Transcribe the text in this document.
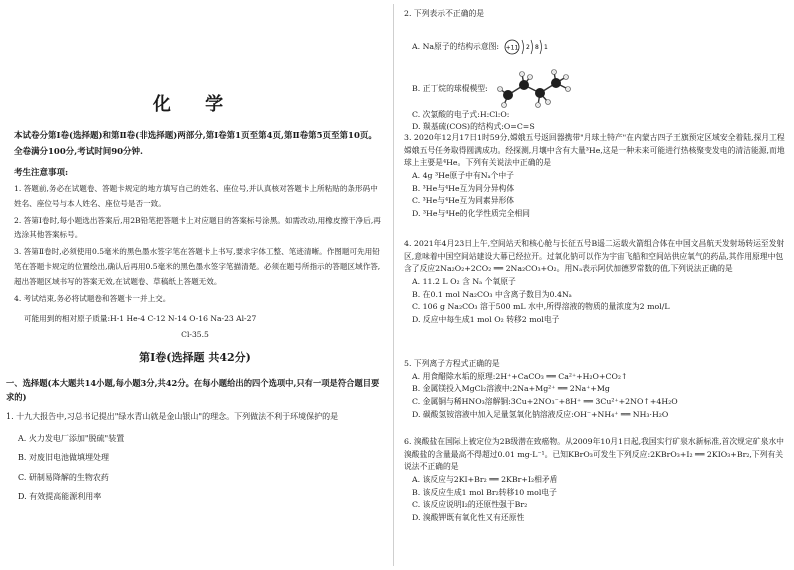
化 学
本试卷分第Ⅰ卷(选择题)和第Ⅱ卷(非选择题)两部分,第Ⅰ卷第1页至第4页,第Ⅱ卷第5页至第10页。全卷满分100分,考试时间90分钟.
考生注意事项:

1. 答题前,务必在试题卷、答题卡规定的地方填写自己的姓名、座位号,并认真核对答题卡上所粘贴的条形码中姓名、座位号与本人姓名、座位号是否一致。

2. 答第Ⅰ卷时,每小题选出答案后,用2B铅笔把答题卡上对应题目的答案标号涂黑。如需改动,用橡皮擦干净后,再选涂其他答案标号。

3. 答第Ⅱ卷时,必须使用0.5毫米的黑色墨水签字笔在答题卡上书写,要求字体工整、笔迹清晰。作图题可先用铅笔在答题卡规定的位置绘出,确认后再用0.5毫米的黑色墨水签字笔描清楚。必须在题号所指示的答题区域作答,超出答题区域书写的答案无效,在试题卷、草稿纸上答题无效。

4. 考试结束,务必将试题卷和答题卡一并上交。

可能用到的相对原子质量:H-1 He-4 C-12 N-14 O-16 Na-23 Al-27
Cl-35.5
第Ⅰ卷(选择题 共42分)
一、选择题(本大题共14小题,每小题3分,共42分。在每小题给出的四个选项中,只有一项是符合题目要求的)
1. 十九大报告中,习总书记提出"绿水青山就是金山银山"的理念。下列做法不利于环境保护的是
A. 火力发电厂添加"脱硫"装置
B. 对废旧电池做填埋处理
C. 研制易降解的生物农药
D. 有效提高能源利用率
2. 下列表示不正确的是
A. Na原子的结构示意图: +11 2 8 1
B. 正丁烷的球棍模型:
C. 次氯酸的电子式:H:Cl:O:
D. 羰基硫(COS)的结构式:O=C=S
3. 2020年12月17日1时59分,嫦娥五号返回器携带"月球土特产"在内蒙古四子王旗预定区域安全着陆,探月工程嫦娥五号任务取得圆满成功。经探测,月壤中含有大量³He,这是一种未来可能进行热核聚变发电的清洁能源,而地球上主要是⁴He。下列有关说法中正确的是
A. 4g ³He原子中有Nₐ个中子
B. ³He与⁴He互为同分异构体
C. ³He与⁴He互为同素异形体
D. ³He与⁴He的化学性质完全相同
4. 2021年4月23日上午,空间站天和核心舱与长征五号B遥二运载火箭组合体在中国文昌航天发射场转运至发射区,意味着中国空间站建设大幕已经拉开。过氧化钠可以作为宇宙飞船和空间站供应氧气的药品,其作用原理中包含了反应2Na₂O₂+2CO₂ ══ 2Na₂CO₃+O₂。用Nₐ表示阿伏加德罗常数的值,下列说法正确的是
A. 11.2 L O₂ 含 Nₐ 个氧原子
B. 在0.1 mol Na₂CO₃ 中含离子数目为0.4Nₐ
C. 106 g Na₂CO₃ 溶于500 mL 水中,所得溶液的物质的量浓度为2 mol/L
D. 反应中每生成1 mol O₂ 转移2 mol电子
5. 下列离子方程式正确的是
A. 用食醋除水垢的原理:2H⁺+CaCO₃ ══ Ca²⁺+H₂O+CO₂↑
B. 金属镁投入MgCl₂溶液中:2Na+Mg²⁺ ══ 2Na⁺+Mg
C. 金属铜与稀HNO₃溶解铜:3Cu+2NO₃⁻+8H⁺ ══ 3Cu²⁺+2NO↑+4H₂O
D. 碳酸氢铵溶液中加入足量氢氧化钠溶液反应:OH⁻+NH₄⁺ ══ NH₃·H₂O
6. 溴酸盐在国际上被定位为2B级潜在致癌物。从2009年10月1日起,我国实行矿泉水新标准,首次规定矿泉水中溴酸盐的含量最高不得超过0.01 mg·L⁻¹。已知KBrO₃可发生下列反应:2KBrO₃+I₂ ══ 2KIO₃+Br₂,下列有关说法不正确的是
A. 该反应与2KI+Br₂ ══ 2KBr+I₂相矛盾
B. 该反应生成1 mol Br₂转移10 mol电子
C. 该反应说明I₂的还原性强于Br₂
D. 溴酸钾既有氧化性又有还原性
